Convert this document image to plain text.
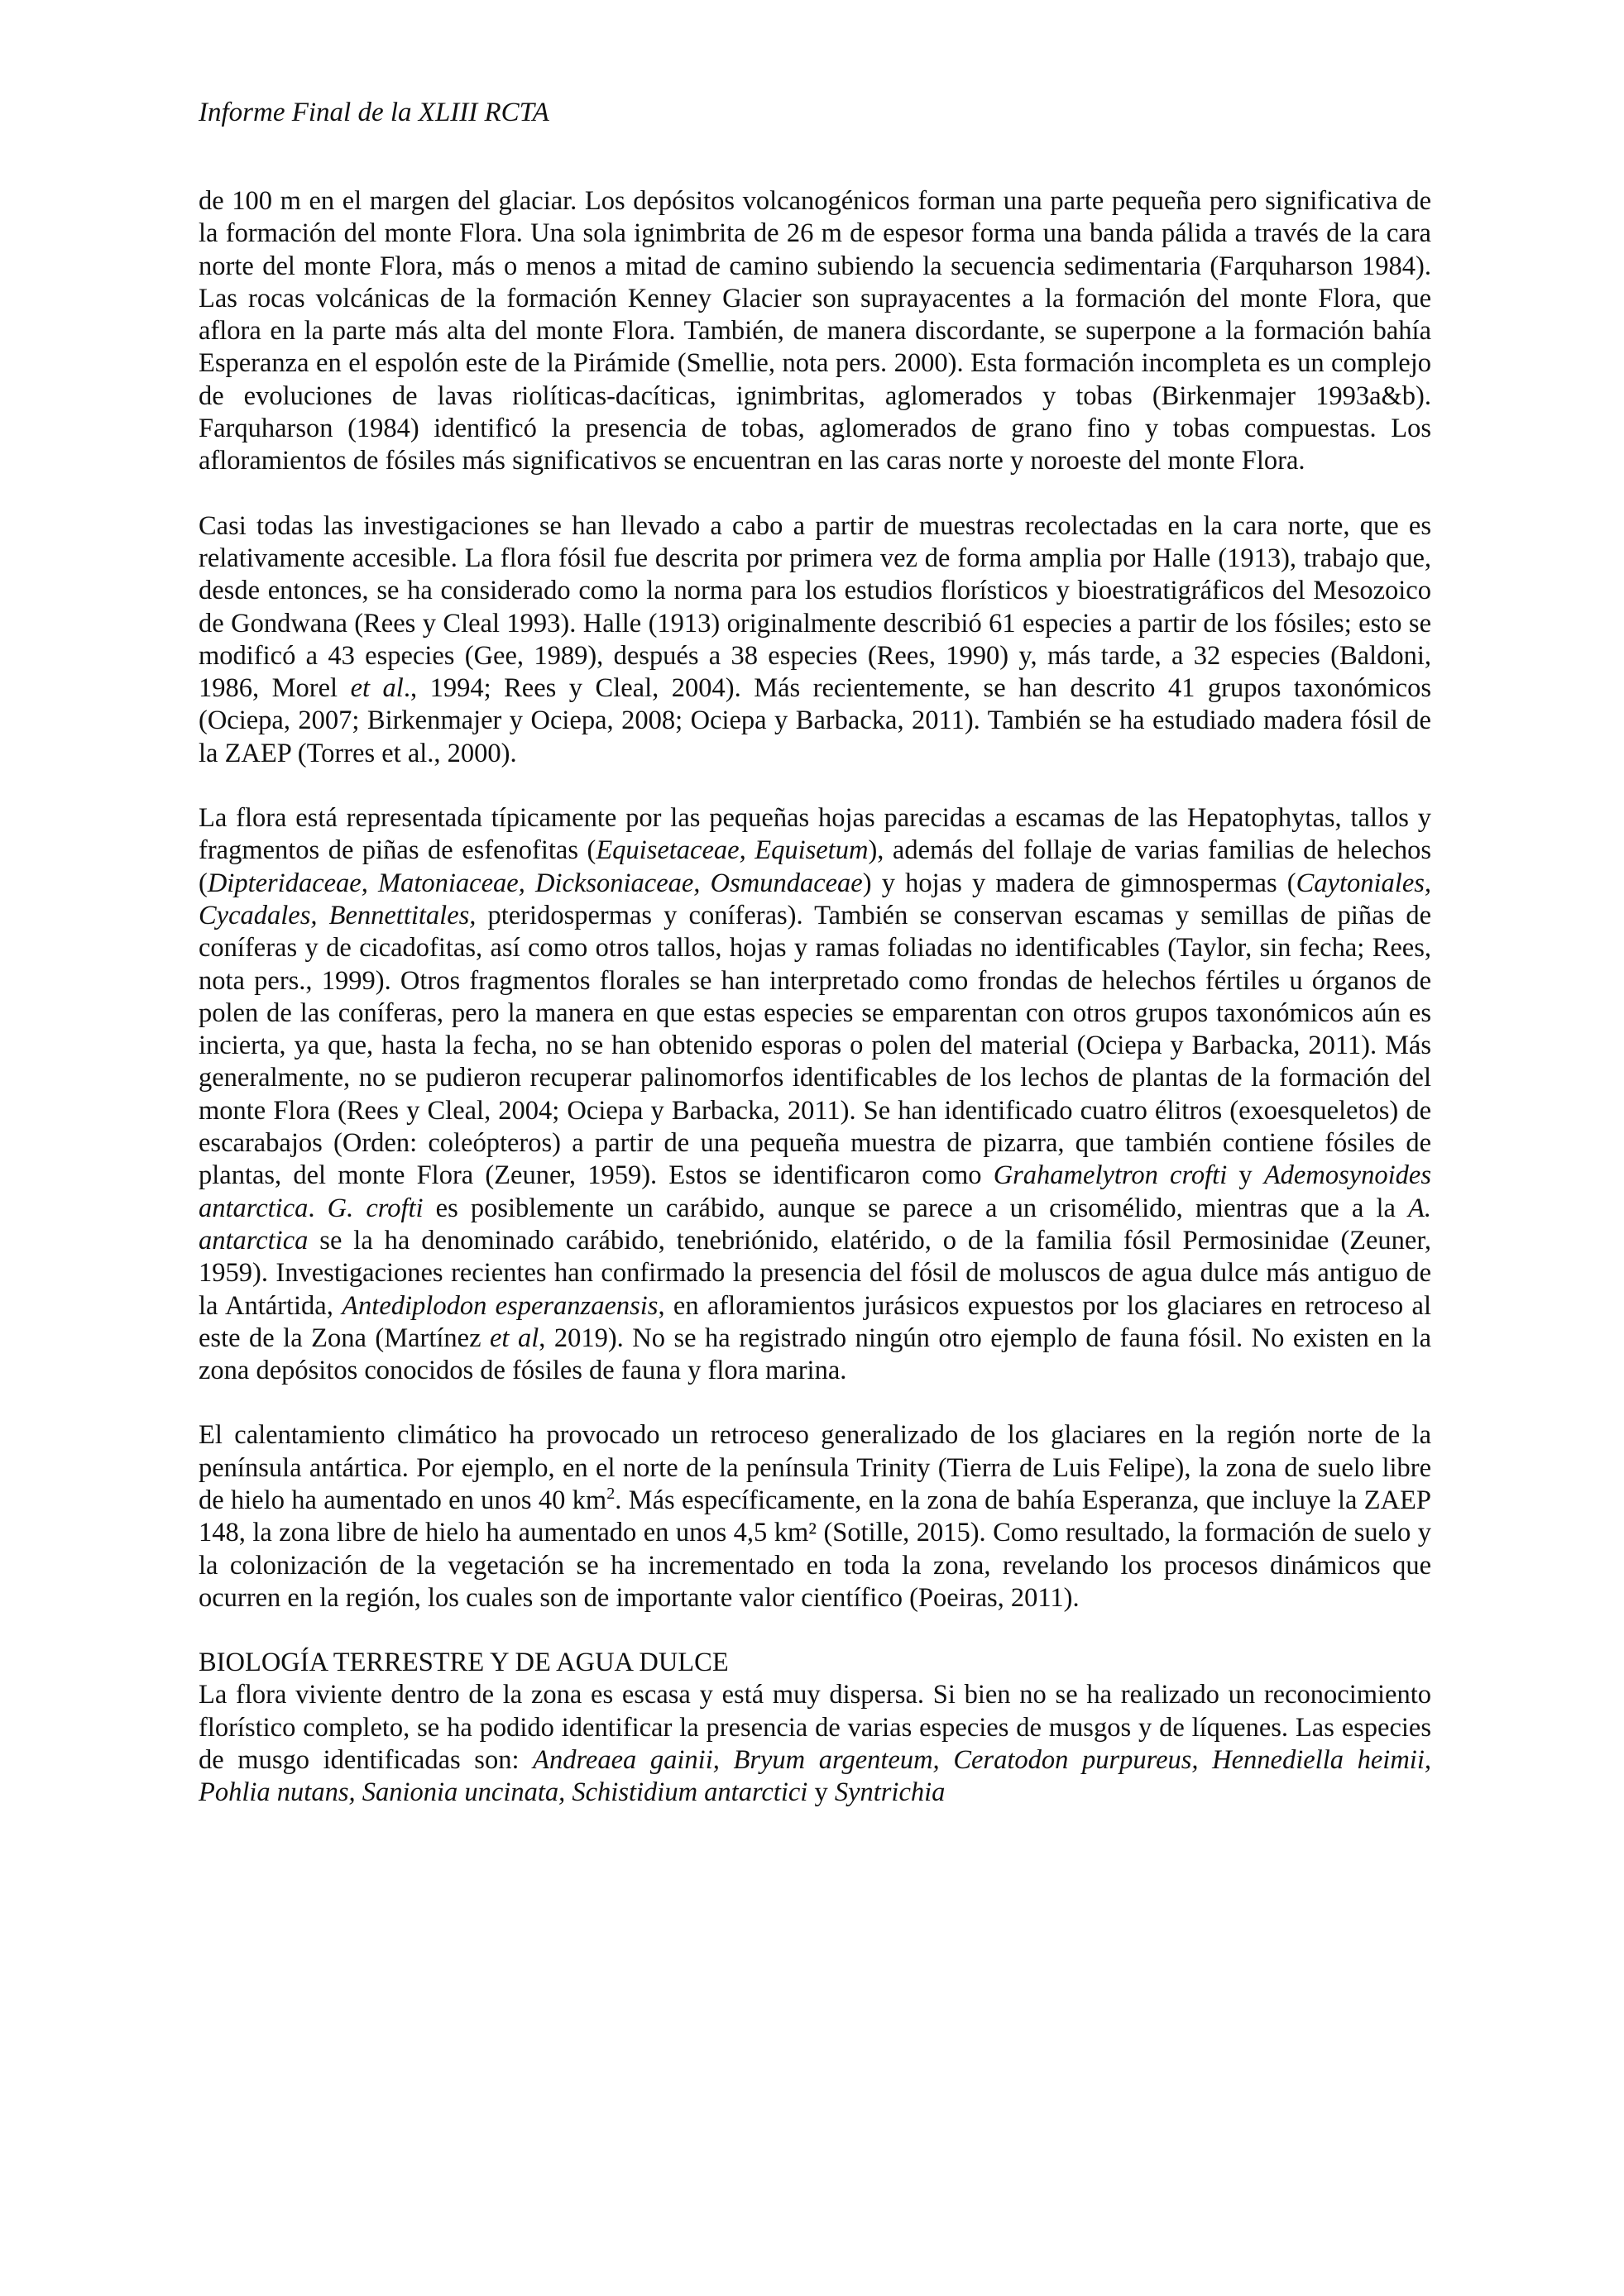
Informe Final de la XLIII RCTA

de 100 m en el margen del glaciar. Los depósitos volcanogénicos forman una parte pequeña pero significativa de la formación del monte Flora. Una sola ignimbrita de 26 m de espesor forma una banda pálida a través de la cara norte del monte Flora, más o menos a mitad de camino subiendo la secuencia sedimentaria (Farquharson 1984). Las rocas volcánicas de la formación Kenney Glacier son suprayacentes a la formación del monte Flora, que aflora en la parte más alta del monte Flora. También, de manera discordante, se superpone a la formación bahía Esperanza en el espolón este de la Pirámide (Smellie, nota pers. 2000). Esta formación incompleta es un complejo de evoluciones de lavas riolíticas-dacíticas, ignimbritas, aglomerados y tobas (Birkenmajer 1993a&b). Farquharson (1984) identificó la presencia de tobas, aglomerados de grano fino y tobas compuestas. Los afloramientos de fósiles más significativos se encuentran en las caras norte y noroeste del monte Flora.

Casi todas las investigaciones se han llevado a cabo a partir de muestras recolectadas en la cara norte, que es relativamente accesible. La flora fósil fue descrita por primera vez de forma amplia por Halle (1913), trabajo que, desde entonces, se ha considerado como la norma para los estudios florísticos y bioestratigráficos del Mesozoico de Gondwana (Rees y Cleal 1993). Halle (1913) originalmente describió 61 especies a partir de los fósiles; esto se modificó a 43 especies (Gee, 1989), después a 38 especies (Rees, 1990) y, más tarde, a 32 especies (Baldoni, 1986, Morel et al., 1994; Rees y Cleal, 2004). Más recientemente, se han descrito 41 grupos taxonómicos (Ociepa, 2007; Birkenmajer y Ociepa, 2008; Ociepa y Barbacka, 2011). También se ha estudiado madera fósil de la ZAEP (Torres et al., 2000).

La flora está representada típicamente por las pequeñas hojas parecidas a escamas de las Hepatophytas, tallos y fragmentos de piñas de esfenofitas (Equisetaceae, Equisetum), además del follaje de varias familias de helechos (Dipteridaceae, Matoniaceae, Dicksoniaceae, Osmundaceae) y hojas y madera de gimnospermas (Caytoniales, Cycadales, Bennettitales, pteridospermas y coníferas). También se conservan escamas y semillas de piñas de coníferas y de cicadofitas, así como otros tallos, hojas y ramas foliadas no identificables (Taylor, sin fecha; Rees, nota pers., 1999). Otros fragmentos florales se han interpretado como frondas de helechos fértiles u órganos de polen de las coníferas, pero la manera en que estas especies se emparentan con otros grupos taxonómicos aún es incierta, ya que, hasta la fecha, no se han obtenido esporas o polen del material (Ociepa y Barbacka, 2011). Más generalmente, no se pudieron recuperar palinomorfos identificables de los lechos de plantas de la formación del monte Flora (Rees y Cleal, 2004; Ociepa y Barbacka, 2011). Se han identificado cuatro élitros (exoesqueletos) de escarabajos (Orden: coleópteros) a partir de una pequeña muestra de pizarra, que también contiene fósiles de plantas, del monte Flora (Zeuner, 1959). Estos se identificaron como Grahamelytron crofti y Ademosynoides antarctica. G. crofti es posiblemente un carábido, aunque se parece a un crisomélido, mientras que a la A. antarctica se la ha denominado carábido, tenebriónido, elatérido, o de la familia fósil Permosinidae (Zeuner, 1959). Investigaciones recientes han confirmado la presencia del fósil de moluscos de agua dulce más antiguo de la Antártida, Antediplodon esperanzaensis, en afloramientos jurásicos expuestos por los glaciares en retroceso al este de la Zona (Martínez et al, 2019). No se ha registrado ningún otro ejemplo de fauna fósil. No existen en la zona depósitos conocidos de fósiles de fauna y flora marina.

El calentamiento climático ha provocado un retroceso generalizado de los glaciares en la región norte de la península antártica. Por ejemplo, en el norte de la península Trinity (Tierra de Luis Felipe), la zona de suelo libre de hielo ha aumentado en unos 40 $km^2$. Más específicamente, en la zona de bahía Esperanza, que incluye la ZAEP 148, la zona libre de hielo ha aumentado en unos 4,5 km² (Sotille, 2015). Como resultado, la formación de suelo y la colonización de la vegetación se ha incrementado en toda la zona, revelando los procesos dinámicos que ocurren en la región, los cuales son de importante valor científico (Poeiras, 2011).

BIOLOGÍA TERRESTRE Y DE AGUA DULCE

La flora viviente dentro de la zona es escasa y está muy dispersa. Si bien no se ha realizado un reconocimiento florístico completo, se ha podido identificar la presencia de varias especies de musgos y de líquenes. Las especies de musgo identificadas son: Andreaea gainii, Bryum argenteum, Ceratodon purpureus, Hennediella heimii, Pohlia nutans, Sanionia uncinata, Schistidium antarctici y Syntrichia
